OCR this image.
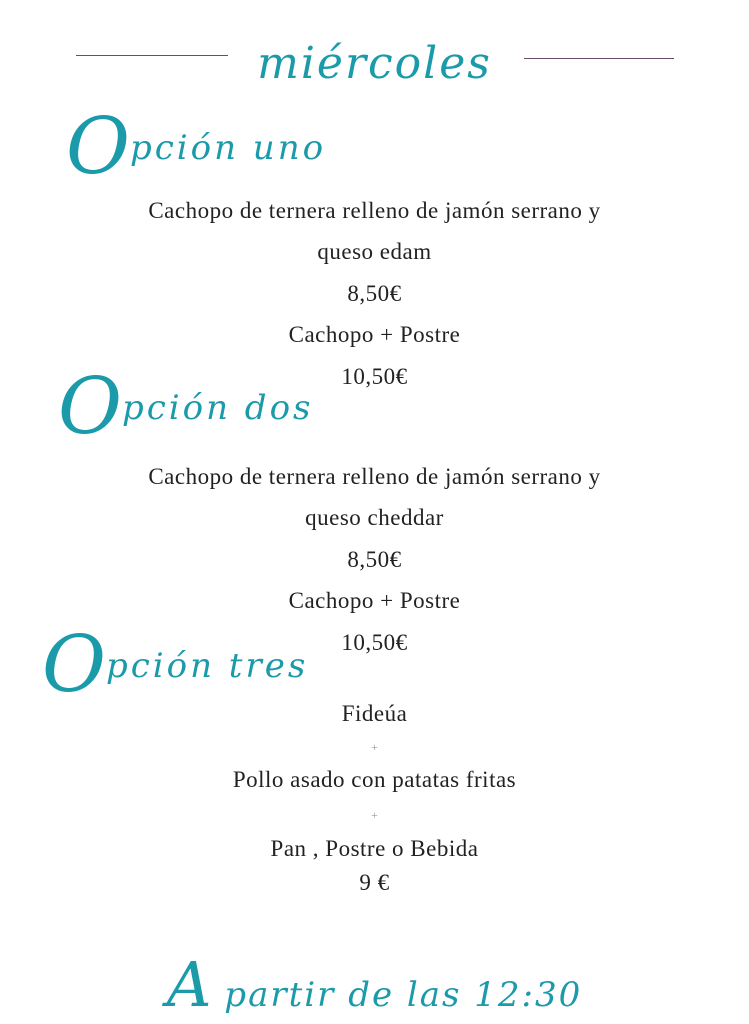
miércoles
Opción uno
Cachopo de ternera relleno de jamón serrano y
queso edam
8,50€
Cachopo + Postre
10,50€
Opción dos
Cachopo de ternera relleno de jamón serrano y
queso cheddar
8,50€
Cachopo + Postre
10,50€
Opción tres
Fideúa
+
Pollo asado con patatas fritas
+
Pan , Postre o Bebida
9 €
A partir de las 12:30
